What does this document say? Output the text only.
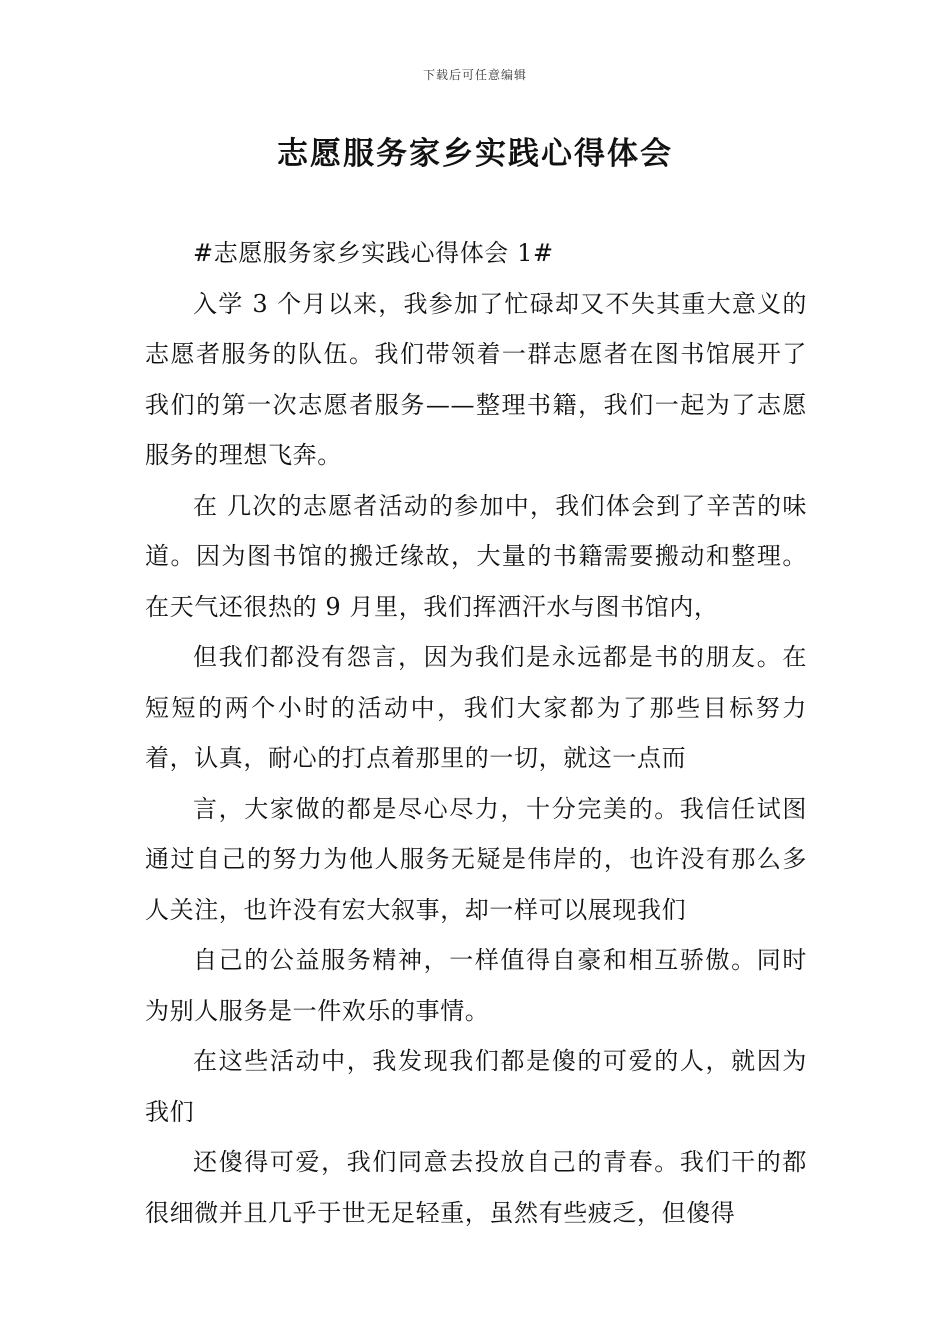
下载后可任意编辑
志愿服务家乡实践心得体会

#志愿服务家乡实践心得体会 1#

入学 3 个月以来，我参加了忙碌却又不失其重大意义的志愿者服务的队伍。我们带领着一群志愿者在图书馆展开了我们的第一次志愿者服务——整理书籍，我们一起为了志愿服务的理想飞奔。

在 几次的志愿者活动的参加中，我们体会到了辛苦的味道。因为图书馆的搬迁缘故，大量的书籍需要搬动和整理。在天气还很热的 9 月里，我们挥洒汗水与图书馆内，

但我们都没有怨言，因为我们是永远都是书的朋友。在短短的两个小时的活动中，我们大家都为了那些目标努力着，认真，耐心的打点着那里的一切，就这一点而

言，大家做的都是尽心尽力，十分完美的。我信任试图通过自己的努力为他人服务无疑是伟岸的，也许没有那么多人关注，也许没有宏大叙事，却一样可以展现我们

自己的公益服务精神，一样值得自豪和相互骄傲。同时为别人服务是一件欢乐的事情。

在这些活动中，我发现我们都是傻的可爱的人，就因为我们

还傻得可爱，我们同意去投放自己的青春。我们干的都很细微并且几乎于世无足轻重，虽然有些疲乏，但傻得
